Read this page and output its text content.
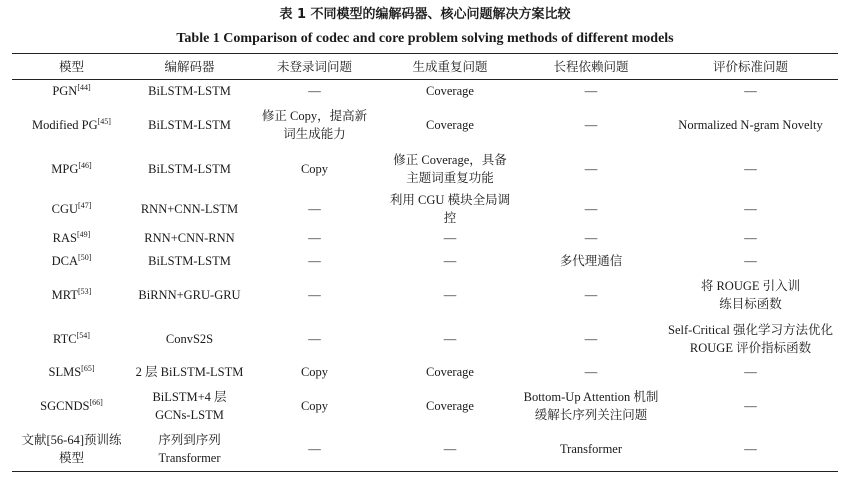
表 1 不同模型的编解码器、核心问题解决方案比较
Table 1 Comparison of codec and core problem solving methods of different models
模型	编解码器	未登录词问题	生成重复问题	长程依赖问题	评价标准问题
PGN[44]	BiLSTM-LSTM	—	Coverage	—	—
Modified PG[45]	BiLSTM-LSTM	修正 Copy，提高新词生成能力	Coverage	—	Normalized N-gram Novelty
MPG[46]	BiLSTM-LSTM	Copy	修正 Coverage，具备主题词重复功能	—	—
CGU[47]	RNN+CNN-LSTM	—	利用 CGU 模块全局调控	—	—
RAS[49]	RNN+CNN-RNN	—	—	—	—
DCA[50]	BiLSTM-LSTM	—	—	多代理通信	—
MRT[53]	BiRNN+GRU-GRU	—	—	—	将 ROUGE 引入训练目标函数
RTC[54]	ConvS2S	—	—	—	Self-Critical 强化学习方法优化 ROUGE 评价指标函数
SLMS[65]	2 层 BiLSTM-LSTM	Copy	Coverage	—	—
SGCNDS[66]	BiLSTM+4 层 GCNs-LSTM	Copy	Coverage	Bottom-Up Attention 机制缓解长序列关注问题	—
文献[56-64]预训练模型	序列到序列 Transformer	—	—	Transformer	—
